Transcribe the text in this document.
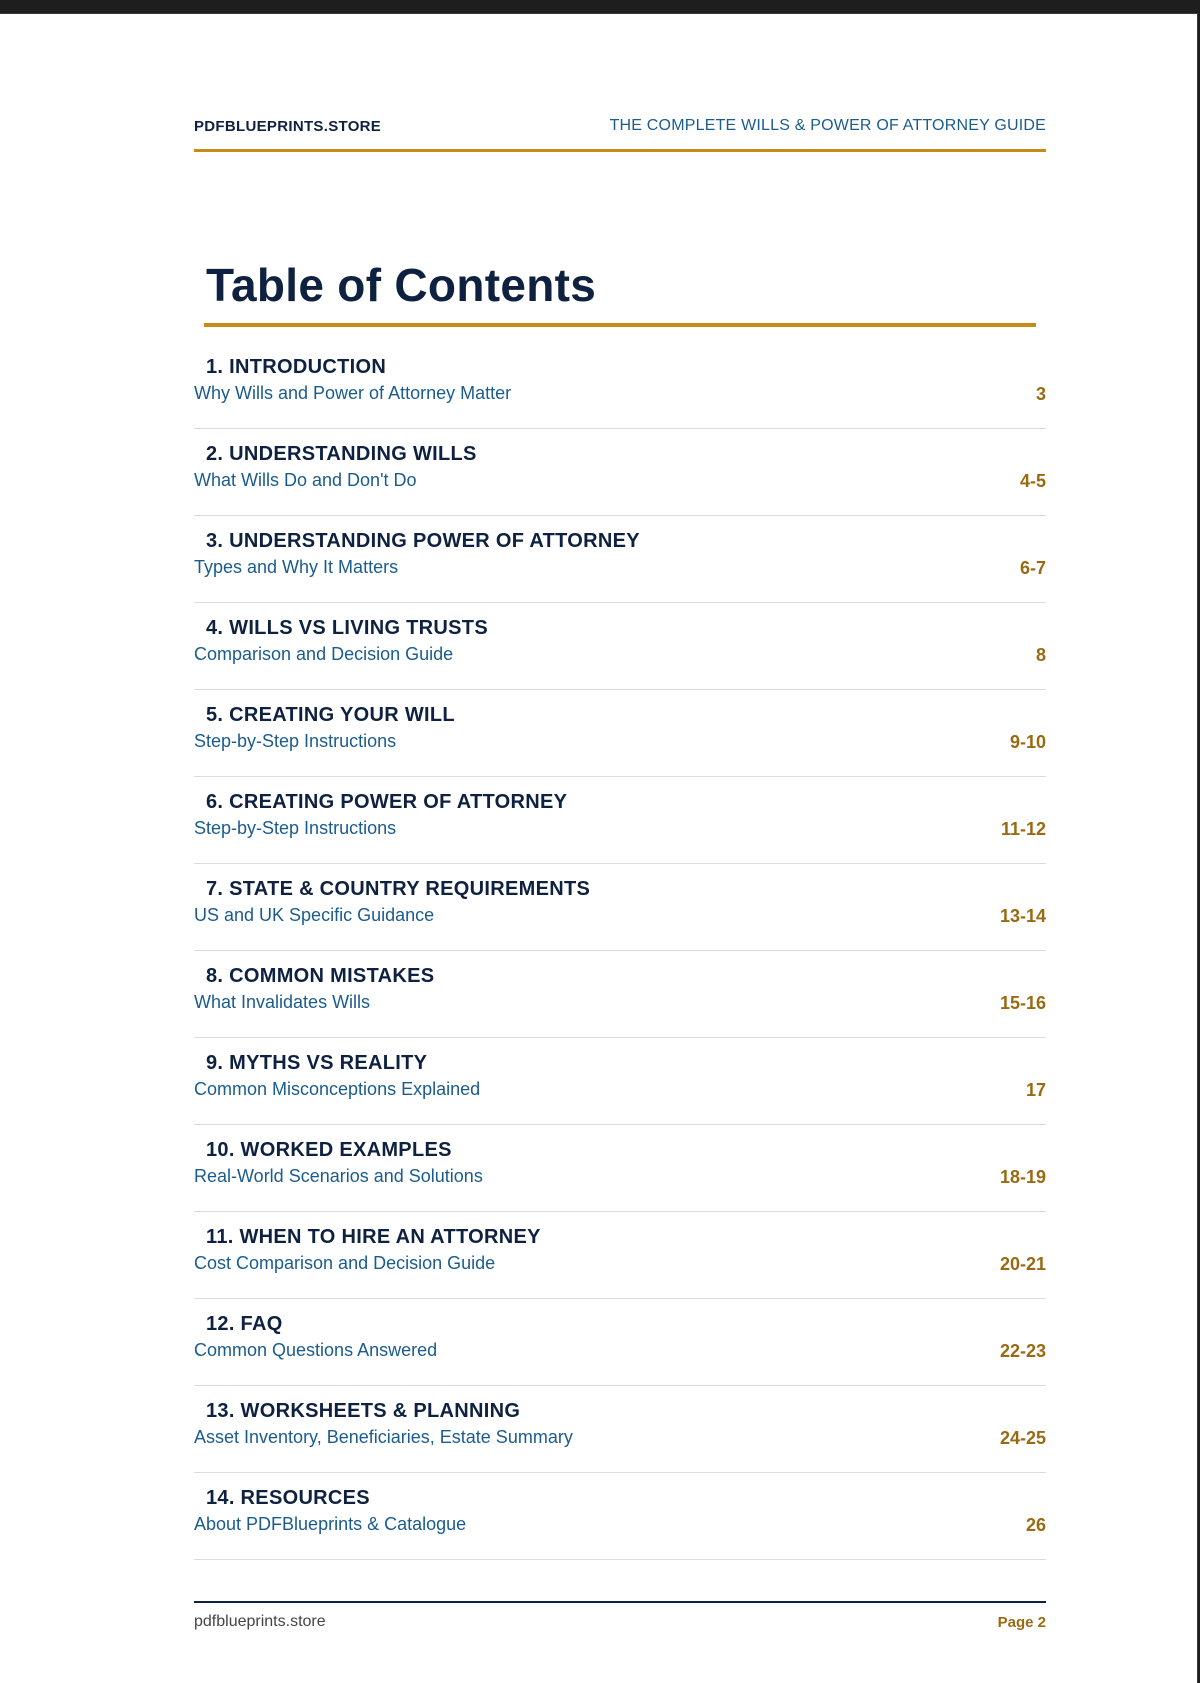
PDFBLUEPRINTS.STORE	THE COMPLETE WILLS & POWER OF ATTORNEY GUIDE
Table of Contents
1. INTRODUCTION
Why Wills and Power of Attorney Matter	3
2. UNDERSTANDING WILLS
What Wills Do and Don't Do	4-5
3. UNDERSTANDING POWER OF ATTORNEY
Types and Why It Matters	6-7
4. WILLS VS LIVING TRUSTS
Comparison and Decision Guide	8
5. CREATING YOUR WILL
Step-by-Step Instructions	9-10
6. CREATING POWER OF ATTORNEY
Step-by-Step Instructions	11-12
7. STATE & COUNTRY REQUIREMENTS
US and UK Specific Guidance	13-14
8. COMMON MISTAKES
What Invalidates Wills	15-16
9. MYTHS VS REALITY
Common Misconceptions Explained	17
10. WORKED EXAMPLES
Real-World Scenarios and Solutions	18-19
11. WHEN TO HIRE AN ATTORNEY
Cost Comparison and Decision Guide	20-21
12. FAQ
Common Questions Answered	22-23
13. WORKSHEETS & PLANNING
Asset Inventory, Beneficiaries, Estate Summary	24-25
14. RESOURCES
About PDFBlueprints & Catalogue	26
pdfblueprints.store	Page 2
